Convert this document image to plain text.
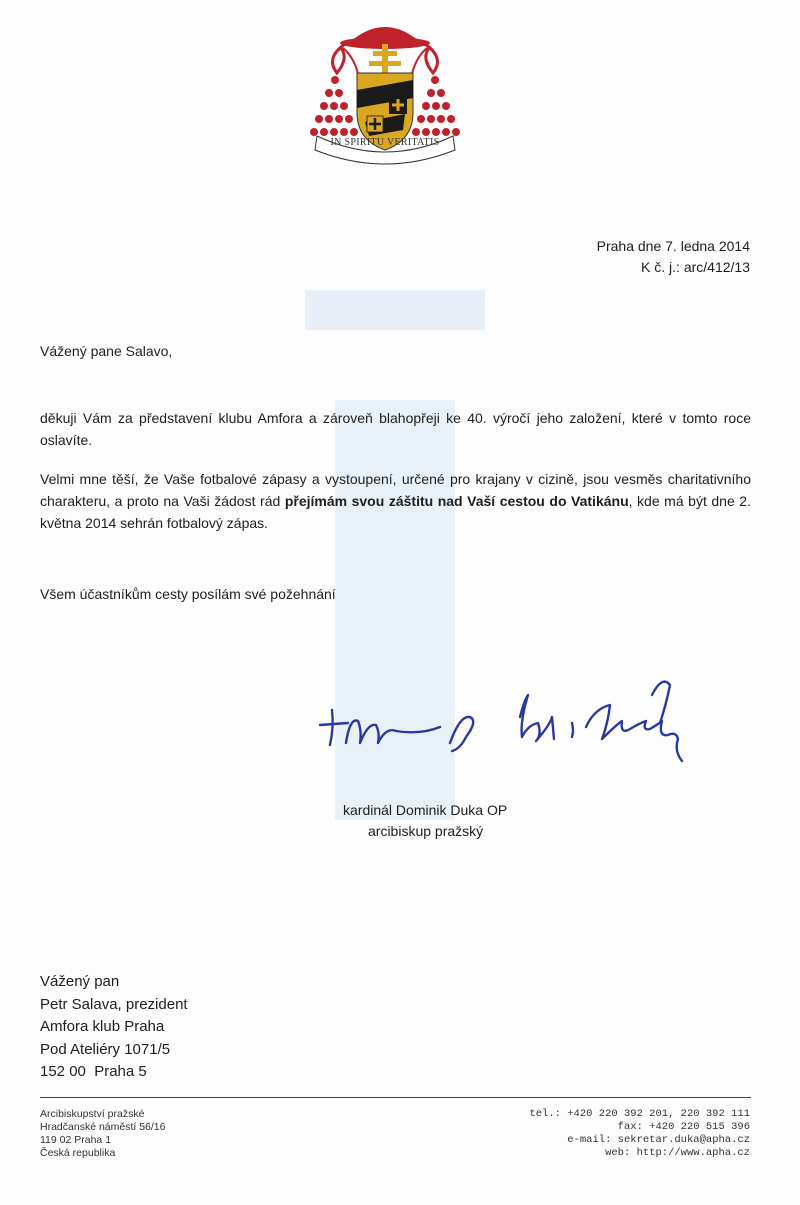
IN SPIRITU VERITATIS
Praha dne 7. ledna 2014
K č. j.: arc/412/13
Vážený pane Salavo,
děkuji Vám za představení klubu Amfora a zároveň blahopřeji ke 40. výročí jeho založení, které v tomto roce oslavíte.
Velmi mne těší, že Vaše fotbalové zápasy a vystoupení, určené pro krajany v cizině, jsou vesměs charitativního charakteru, a proto na Vaši žádost rád přejímám svou záštitu nad Vaší cestou do Vatikánu, kde má být dne 2. května 2014 sehrán fotbalový zápas.
Všem účastníkům cesty posílám své požehnání
kardinál Dominik Duka OP
arcibiskup pražský
Vážený pan
Petr Salava, prezident
Amfora klub Praha
Pod Ateliéry 1071/5
152 00  Praha 5
Arcibiskupství pražské
Hradčanské náměstí 56/16
119 02 Praha 1
Česká republika
tel.: +420 220 392 201, 220 392 111
fax: +420 220 515 396
e-mail: sekretar.duka@apha.cz
web: http://www.apha.cz
